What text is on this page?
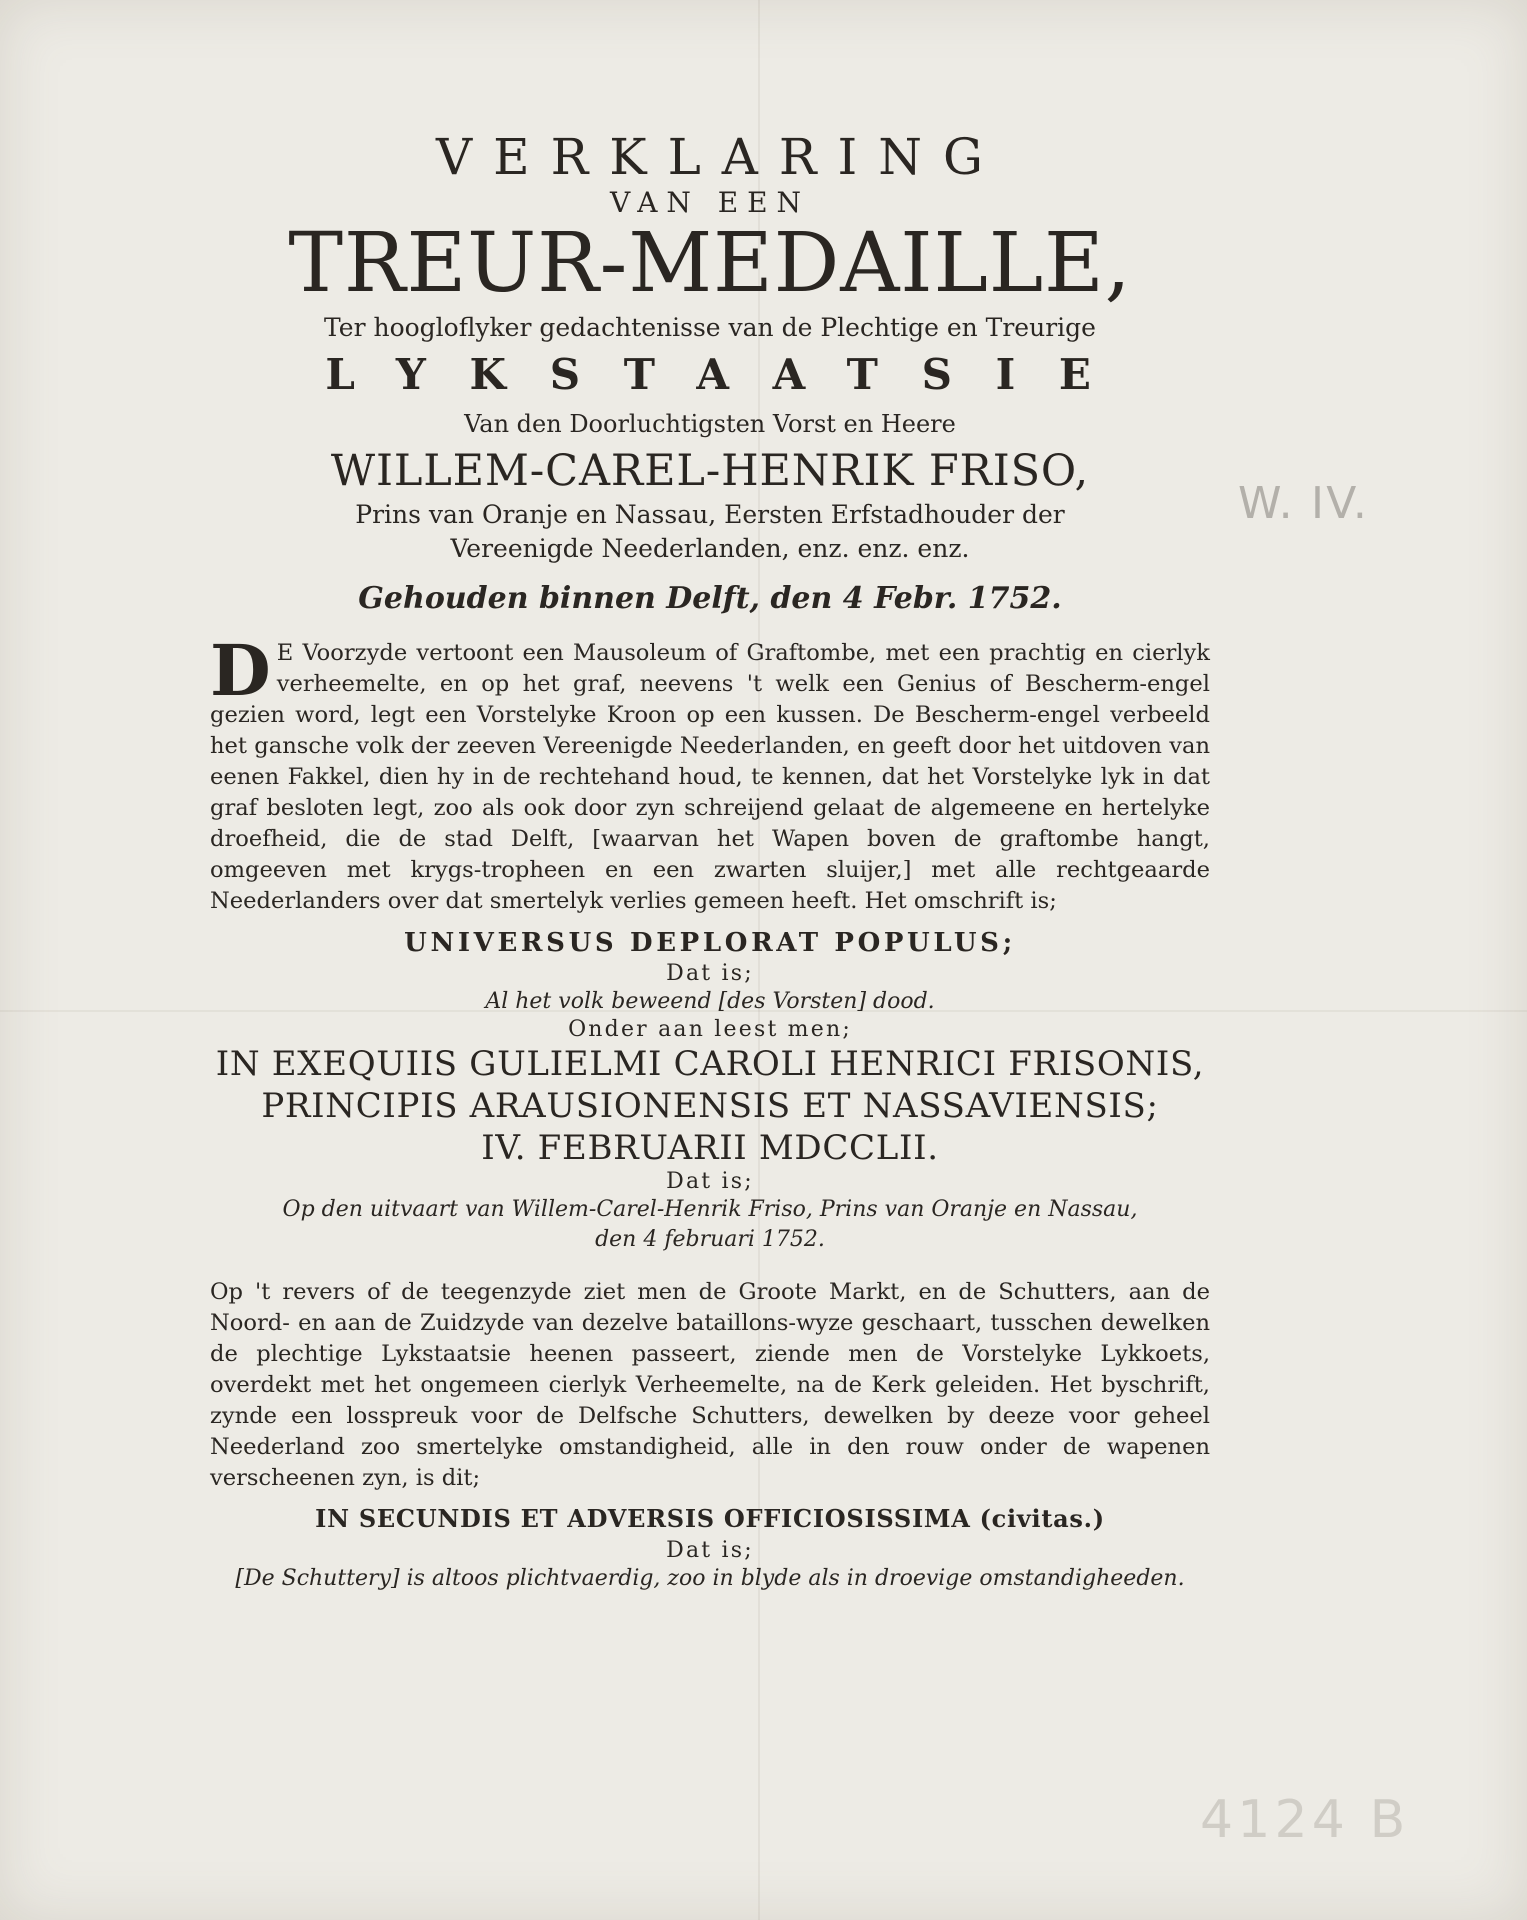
VERKLARING
VAN EEN
TREUR-MEDAILLE,
Ter hoogloflyker gedachtenisse van de Plechtige en Treurige
LYKSTAATSIE
Van den Doorluchtigsten Vorst en Heere
WILLEM-CAREL-HENRIK FRISO,
Prins van Oranje en Nassau, Eersten Erfstadhouder der
Vereenigde Neederlanden, enz. enz. enz.
Gehouden binnen Delft, den 4 Febr. 1752.
D E Voorzyde vertoont een Mausoleum of Graftombe, met een prachtig en cierlyk verheemelte, en op het graf, neevens 't welk een Genius of Bescherm-engel gezien word, legt een Vorstelyke Kroon op een kussen. De Bescherm-engel verbeeld het gansche volk der zeeven Vereenigde Neederlanden, en geeft door het uitdoven van eenen Fakkel, dien hy in de rechtehand houd, te kennen, dat het Vorstelyke lyk in dat graf besloten legt, zoo als ook door zyn schreijend gelaat de algemeene en hertelyke droefheid, die de stad Delft, [waarvan het Wapen boven de graftombe hangt, omgeeven met krygs-tropheen en een zwarten sluijer,] met alle rechtgeaarde Neederlanders over dat smertelyk verlies gemeen heeft. Het omschrift is;
UNIVERSUS DEPLORAT POPULUS;
Dat is;
Al het volk beweend [des Vorsten] dood.
Onder aan leest men;
IN EXEQUIIS GULIELMI CAROLI HENRICI FRISONIS,
PRINCIPIS ARAUSIONENSIS ET NASSAVIENSIS;
IV. FEBRUARII MDCCLII.
Dat is;
Op den uitvaart van Willem-Carel-Henrik Friso, Prins van Oranje en Nassau,
den 4 februari 1752.
Op 't revers of de teegenzyde ziet men de Groote Markt, en de Schutters, aan de Noord- en aan de Zuidzyde van dezelve bataillons-wyze geschaart, tusschen dewelken de plechtige Lykstaatsie heenen passeert, ziende men de Vorstelyke Lykkoets, overdekt met het ongemeen cierlyk Verheemelte, na de Kerk geleiden. Het byschrift, zynde een losspreuk voor de Delfsche Schutters, dewelken by deeze voor geheel Neederland zoo smertelyke omstandigheid, alle in den rouw onder de wapenen verscheenen zyn, is dit;
IN SECUNDIS ET ADVERSIS OFFICIOSISSIMA (civitas.)
Dat is;
[De Schuttery] is altoos plichtvaerdig, zoo in blyde als in droevige omstandigheeden.
W. IV.
4124 B
